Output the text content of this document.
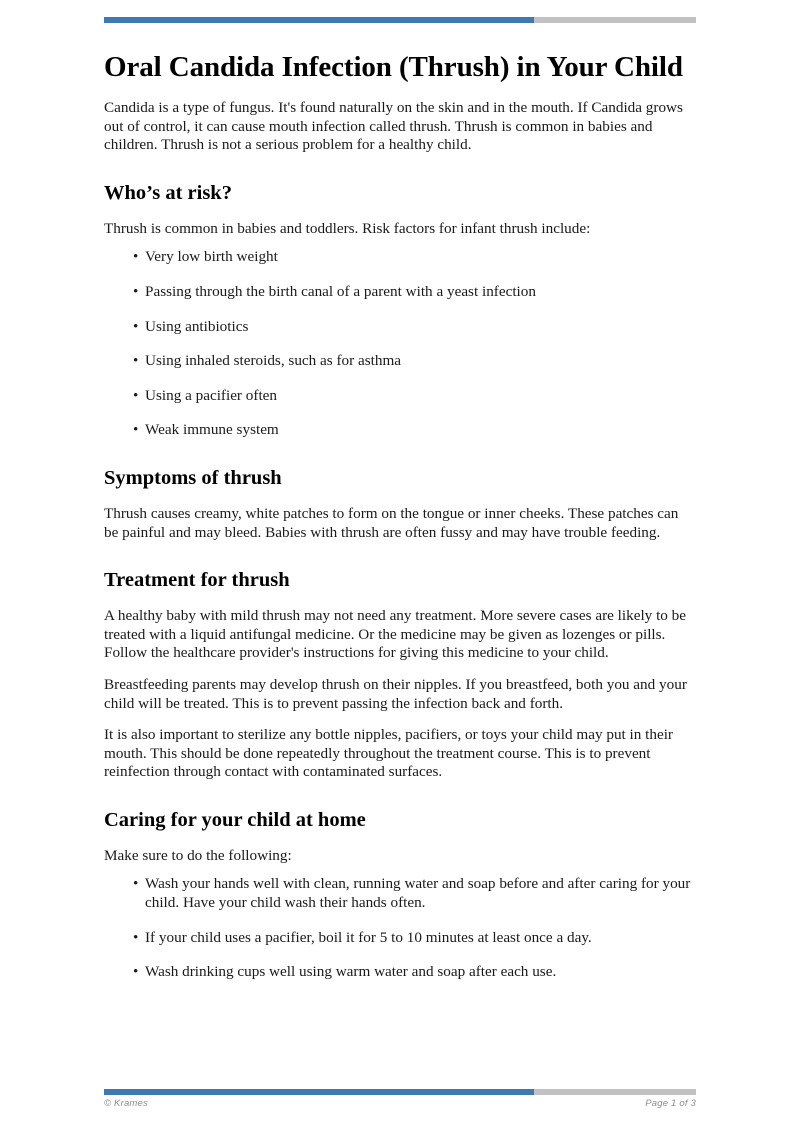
Oral Candida Infection (Thrush) in Your Child

Candida is a type of fungus. It's found naturally on the skin and in the mouth. If Candida grows out of control, it can cause mouth infection called thrush. Thrush is common in babies and children. Thrush is not a serious problem for a healthy child.

Who’s at risk?

Thrush is common in babies and toddlers. Risk factors for infant thrush include:

• Very low birth weight
• Passing through the birth canal of a parent with a yeast infection
• Using antibiotics
• Using inhaled steroids, such as for asthma
• Using a pacifier often
• Weak immune system
Symptoms of thrush

Thrush causes creamy, white patches to form on the tongue or inner cheeks. These patches can be painful and may bleed. Babies with thrush are often fussy and may have trouble feeding.

Treatment for thrush

A healthy baby with mild thrush may not need any treatment. More severe cases are likely to be treated with a liquid antifungal medicine. Or the medicine may be given as lozenges or pills. Follow the healthcare provider's instructions for giving this medicine to your child.

Breastfeeding parents may develop thrush on their nipples. If you breastfeed, both you and your child will be treated. This is to prevent passing the infection back and forth.

It is also important to sterilize any bottle nipples, pacifiers, or toys your child may put in their mouth. This should be done repeatedly throughout the treatment course. This is to prevent reinfection through contact with contaminated surfaces.

Caring for your child at home

Make sure to do the following:

• Wash your hands well with clean, running water and soap before and after caring for your child. Have your child wash their hands often.
• If your child uses a pacifier, boil it for 5 to 10 minutes at least once a day.
• Wash drinking cups well using warm water and soap after each use.
© Krames	Page 1 of 3
